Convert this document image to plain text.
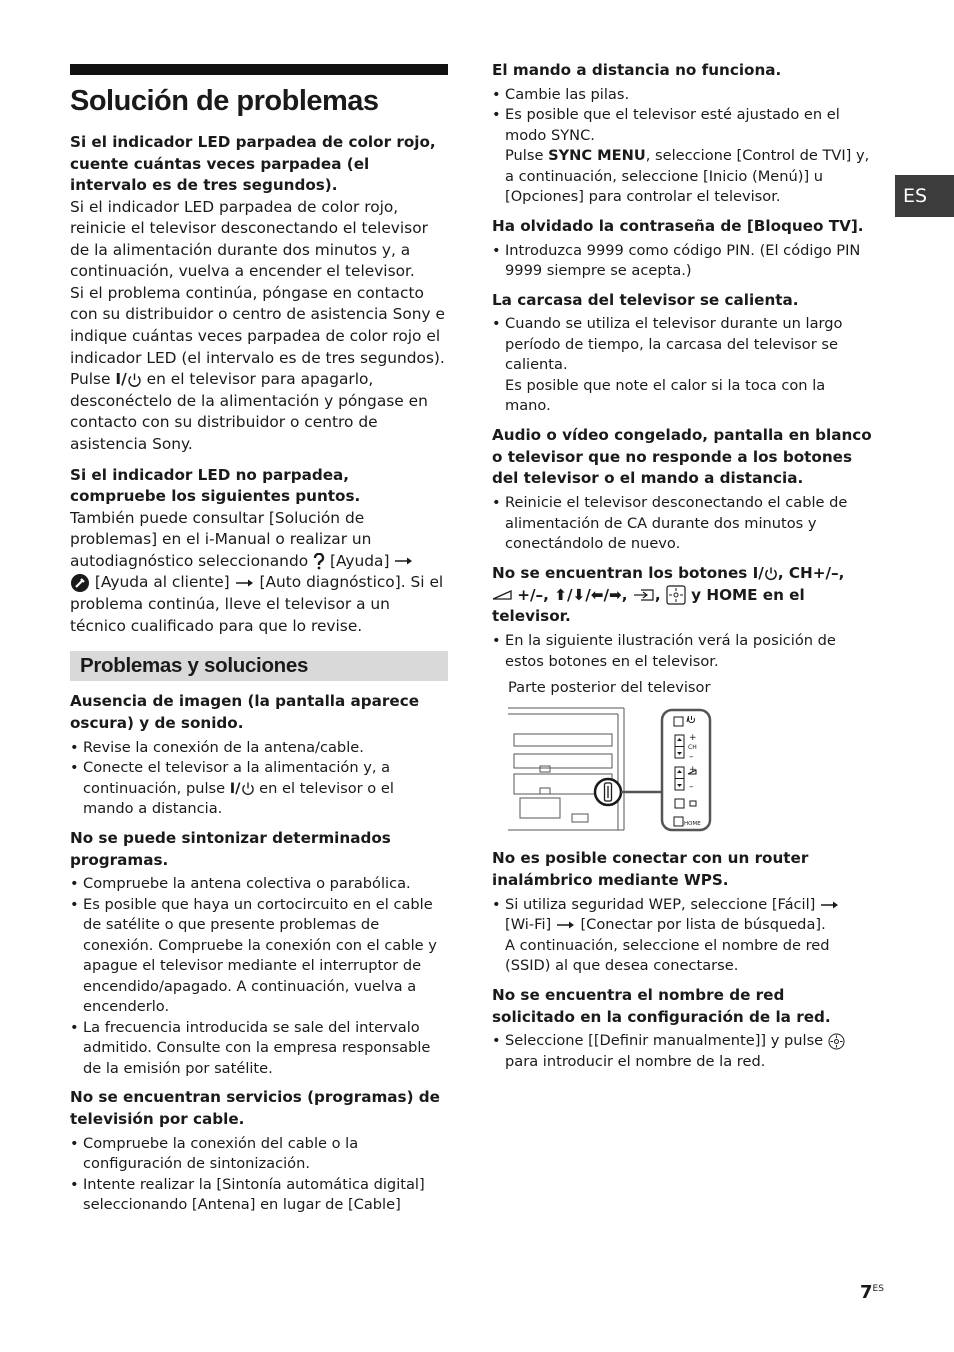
Solución de problemas

Si el indicador LED parpadea de color rojo, cuente cuántas veces parpadea (el intervalo es de tres segundos).

Si el indicador LED parpadea de color rojo, reinicie el televisor desconectando el televisor de la alimentación durante dos minutos y, a continuación, vuelva a encender el televisor.

Si el problema continúa, póngase en contacto con su distribuidor o centro de asistencia Sony e indique cuántas veces parpadea de color rojo el indicador LED (el intervalo es de tres segundos).

Pulse I/ en el televisor para apagarlo, desconéctelo de la alimentación y póngase en contacto con su distribuidor o centro de asistencia Sony.

Si el indicador LED no parpadea, compruebe los siguientes puntos.

También puede consultar [Solución de problemas] en el i-Manual o realizar un autodiagnóstico seleccionando  [Ayuda]
[Ayuda al cliente]  [Auto diagnóstico]. Si el problema continúa, lleve el televisor a un técnico cualificado para que lo revise.

Problemas y soluciones

Ausencia de imagen (la pantalla aparece oscura) y de sonido.

• Revise la conexión de la antena/cable.
• Conecte el televisor a la alimentación y, a continuación, pulse I/ en el televisor o el mando a distancia.

No se puede sintonizar determinados programas.

• Compruebe la antena colectiva o parabólica.
• Es posible que haya un cortocircuito en el cable de satélite o que presente problemas de conexión. Compruebe la conexión con el cable y apague el televisor mediante el interruptor de encendido/apagado. A continuación, vuelva a encenderlo.
• La frecuencia introducida se sale del intervalo admitido. Consulte con la empresa responsable de la emisión por satélite.

No se encuentran servicios (programas) de televisión por cable.

• Compruebe la conexión del cable o la configuración de sintonización.
• Intente realizar la [Sintonía automática digital] seleccionando [Antena] en lugar de [Cable]

El mando a distancia no funciona.

• Cambie las pilas.
• Es posible que el televisor esté ajustado en el modo SYNC.
Pulse SYNC MENU, seleccione [Control de TVI] y, a continuación, seleccione [Inicio (Menú)] u [Opciones] para controlar el televisor.

Ha olvidado la contraseña de [Bloqueo TV].

• Introduzca 9999 como código PIN. (El código PIN 9999 siempre se acepta.)

La carcasa del televisor se calienta.

• Cuando se utiliza el televisor durante un largo período de tiempo, la carcasa del televisor se calienta.
Es posible que note el calor si la toca con la mano.

Audio o vídeo congelado, pantalla en blanco o televisor que no responde a los botones del televisor o el mando a distancia.

• Reinicie el televisor desconectando el cable de alimentación de CA durante dos minutos y conectándolo de nuevo.

No se encuentran los botones I/ , CH+/–,
+/–, ⬆/⬇/⬅/➡, ,  y HOME en el televisor.

• En la siguiente ilustración verá la posición de estos botones en el televisor.
Parte posterior del televisor
+
–
+
–
CH
HOME

No es posible conectar con un router inalámbrico mediante WPS.

• Si utiliza seguridad WEP, seleccione [Fácil]
[Wi-Fi]  [Conectar por lista de búsqueda].
A continuación, seleccione el nombre de red (SSID) al que desea conectarse.

No se encuentra el nombre de red solicitado en la configuración de la red.

• Seleccione [[Definir manualmente]] y pulse  para introducir el nombre de la red.
ES
$7^{ES}$
